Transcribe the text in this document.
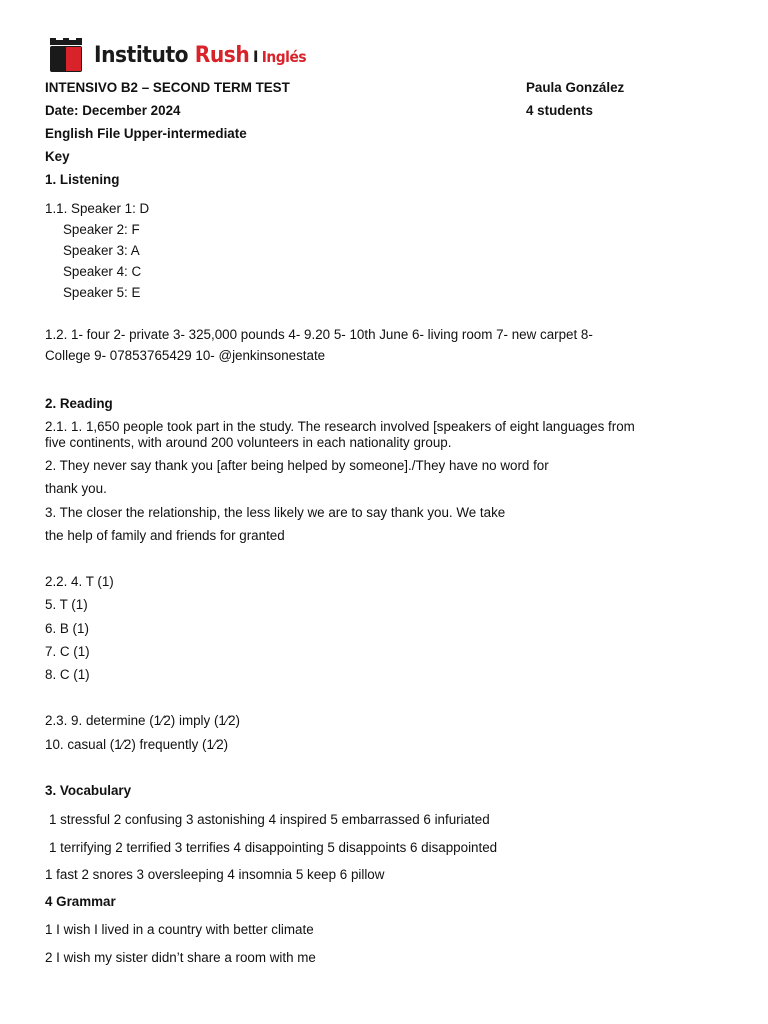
Instituto Rush I Inglés
INTENSIVO B2 – SECOND TERM TEST	Paula González
Date: December 2024	4 students
English File Upper-intermediate
Key
1. Listening
1.1. Speaker 1: D
Speaker 2: F
Speaker 3: A
Speaker 4: C
Speaker 5: E
1.2. 1- four 2- private 3- 325,000 pounds 4- 9.20 5- 10th June 6- living room 7- new carpet 8-
College 9- 07853765429 10- @jenkinsonestate
2. Reading
2.1. 1. 1,650 people took part in the study. The research involved [speakers of eight languages from
five continents, with around 200 volunteers in each nationality group.
2. They never say thank you [after being helped by someone]./They have no word for
thank you.
3. The closer the relationship, the less likely we are to say thank you. We take
the help of family and friends for granted
2.2. 4. T (1)
5. T (1)
6. B (1)
7. C (1)
8. C (1)
2.3. 9. determine (1⁄2) imply (1⁄2)
10. casual (1⁄2) frequently (1⁄2)
3. Vocabulary
1 stressful 2 confusing 3 astonishing 4 inspired 5 embarrassed 6 infuriated
1 terrifying 2 terrified 3 terrifies 4 disappointing 5 disappoints 6 disappointed
1 fast 2 snores 3 oversleeping 4 insomnia 5 keep 6 pillow
4 Grammar
1 I wish I lived in a country with better climate
2 I wish my sister didn’t share a room with me
